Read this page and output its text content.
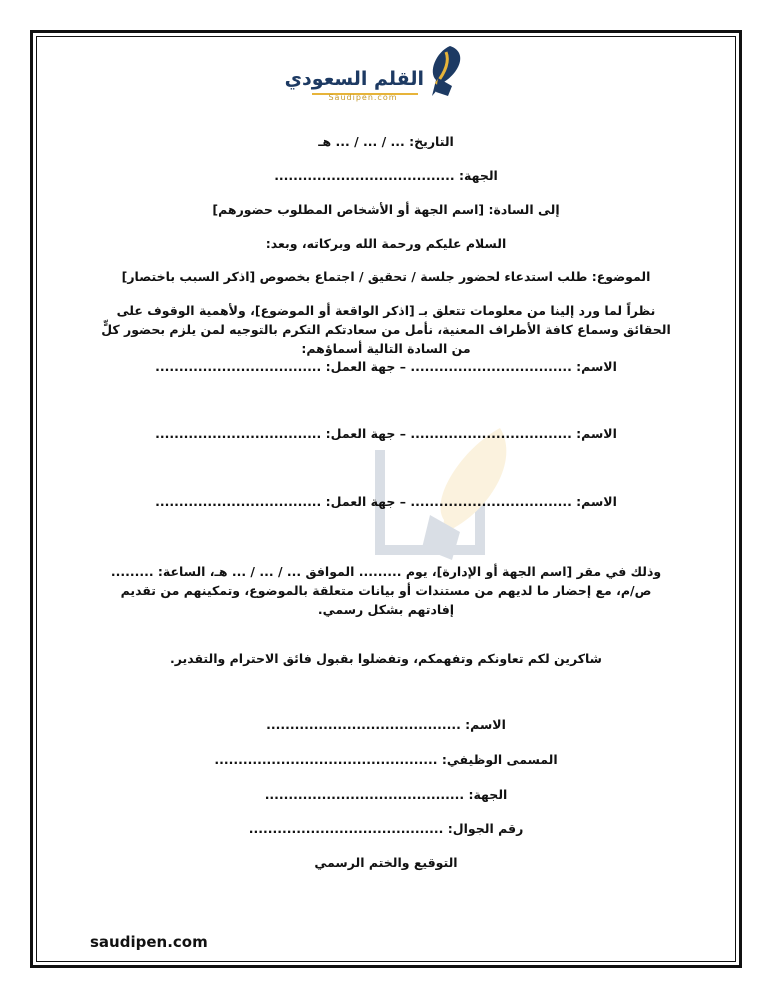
القلم السعودي
Saudipen.com
التاريخ: ... / ... / ... هـ
الجهة: ......................................
إلى السادة: [اسم الجهة أو الأشخاص المطلوب حضورهم]
السلام عليكم ورحمة الله وبركاته، وبعد:
الموضوع: طلب استدعاء لحضور جلسة / تحقيق / اجتماع بخصوص [اذكر السبب باختصار]
نظراً لما ورد إلينا من معلومات تتعلق بـ [اذكر الواقعة أو الموضوع]، ولأهمية الوقوف على الحقائق وسماع كافة الأطراف المعنية، نأمل من سعادتكم التكرم بالتوجيه لمن يلزم بحضور كلٍّ من السادة التالية أسماؤهم:
الاسم: .................................. – جهة العمل: ...................................
الاسم: .................................. – جهة العمل: ...................................
الاسم: .................................. – جهة العمل: ...................................
وذلك في مقر [اسم الجهة أو الإدارة]، يوم ......... الموافق ... / ... / ... هـ، الساعة: ......... ص/م، مع إحضار ما لديهم من مستندات أو بيانات متعلقة بالموضوع، وتمكينهم من تقديم إفادتهم بشكل رسمي.
شاكرين لكم تعاونكم وتفهمكم، وتفضلوا بقبول فائق الاحترام والتقدير.
الاسم: .........................................
المسمى الوظيفي: ...............................................
الجهة: ..........................................
رقم الجوال: .........................................
التوقيع والختم الرسمي
saudipen.com
